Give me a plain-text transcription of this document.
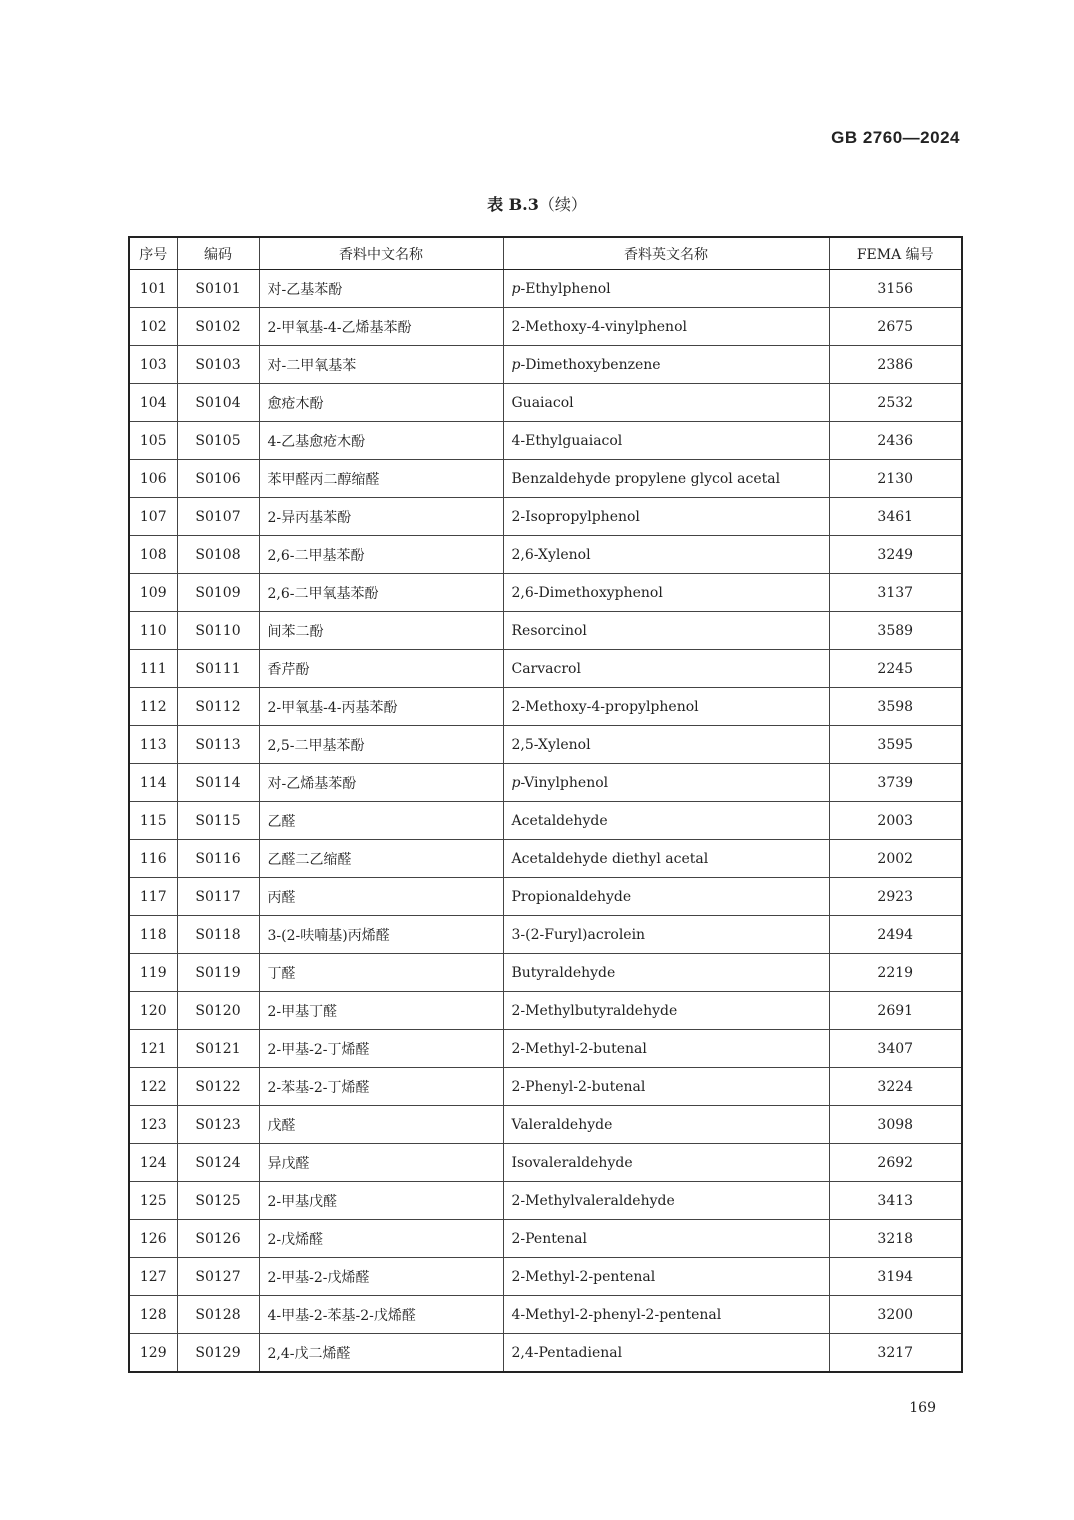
GB 2760—2024
表 B.3（续）
序号	编码	香料中文名称	香料英文名称	FEMA 编号
101	S0101	对-乙基苯酚	p-Ethylphenol	3156
102	S0102	2-甲氧基-4-乙烯基苯酚	2-Methoxy-4-vinylphenol	2675
103	S0103	对-二甲氧基苯	p-Dimethoxybenzene	2386
104	S0104	愈疮木酚	Guaiacol	2532
105	S0105	4-乙基愈疮木酚	4-Ethylguaiacol	2436
106	S0106	苯甲醛丙二醇缩醛	Benzaldehyde propylene glycol acetal	2130
107	S0107	2-异丙基苯酚	2-Isopropylphenol	3461
108	S0108	2,6-二甲基苯酚	2,6-Xylenol	3249
109	S0109	2,6-二甲氧基苯酚	2,6-Dimethoxyphenol	3137
110	S0110	间苯二酚	Resorcinol	3589
111	S0111	香芹酚	Carvacrol	2245
112	S0112	2-甲氧基-4-丙基苯酚	2-Methoxy-4-propylphenol	3598
113	S0113	2,5-二甲基苯酚	2,5-Xylenol	3595
114	S0114	对-乙烯基苯酚	p-Vinylphenol	3739
115	S0115	乙醛	Acetaldehyde	2003
116	S0116	乙醛二乙缩醛	Acetaldehyde diethyl acetal	2002
117	S0117	丙醛	Propionaldehyde	2923
118	S0118	3-(2-呋喃基)丙烯醛	3-(2-Furyl)acrolein	2494
119	S0119	丁醛	Butyraldehyde	2219
120	S0120	2-甲基丁醛	2-Methylbutyraldehyde	2691
121	S0121	2-甲基-2-丁烯醛	2-Methyl-2-butenal	3407
122	S0122	2-苯基-2-丁烯醛	2-Phenyl-2-butenal	3224
123	S0123	戊醛	Valeraldehyde	3098
124	S0124	异戊醛	Isovaleraldehyde	2692
125	S0125	2-甲基戊醛	2-Methylvaleraldehyde	3413
126	S0126	2-戊烯醛	2-Pentenal	3218
127	S0127	2-甲基-2-戊烯醛	2-Methyl-2-pentenal	3194
128	S0128	4-甲基-2-苯基-2-戊烯醛	4-Methyl-2-phenyl-2-pentenal	3200
129	S0129	2,4-戊二烯醛	2,4-Pentadienal	3217
169
